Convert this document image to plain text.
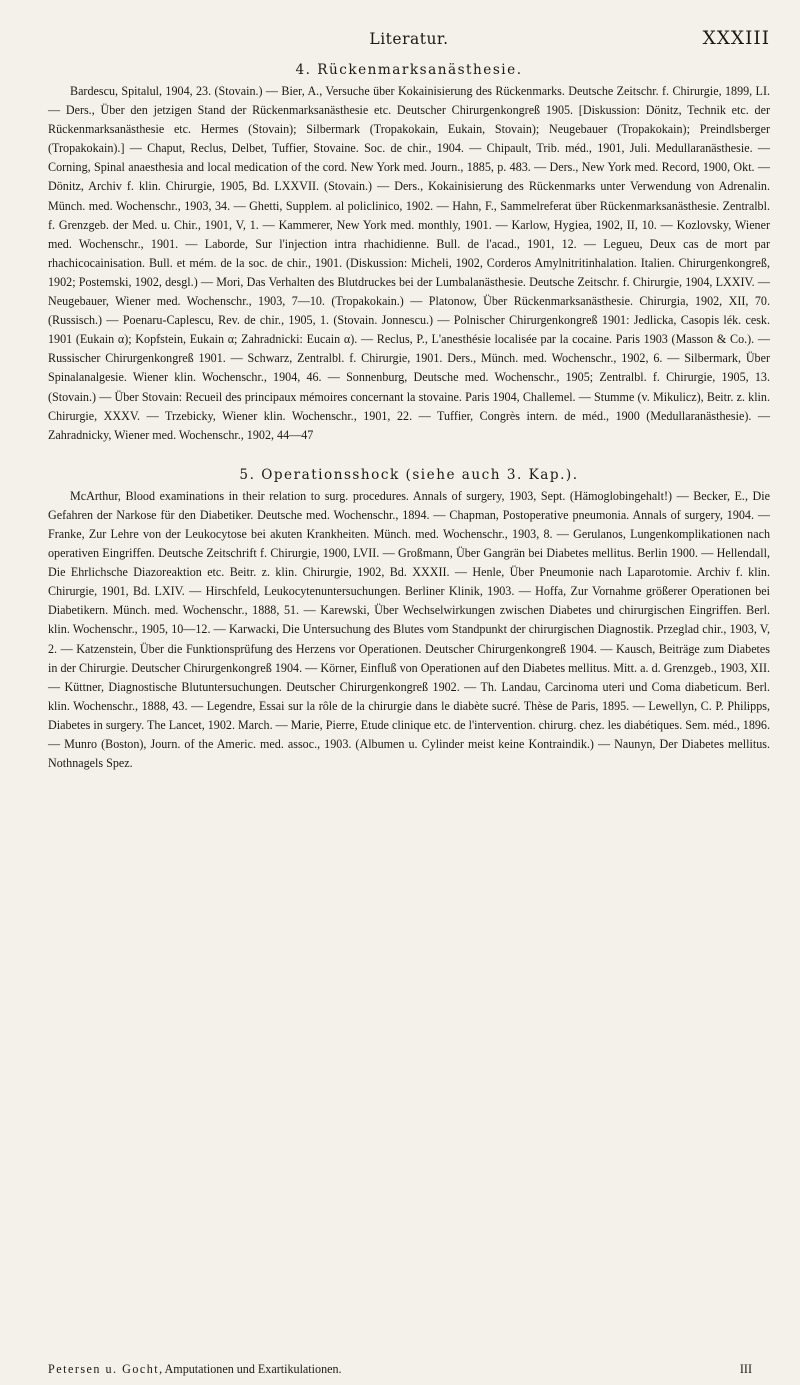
Literatur.	XXXIII
4. Rückenmarksanästhesie.

Bardescu, Spitalul, 1904, 23. (Stovain.) — Bier, A., Versuche über Kokainisierung des Rückenmarks. Deutsche Zeitschr. f. Chirurgie, 1899, LI. — Ders., Über den jetzigen Stand der Rückenmarksanästhesie etc. Deutscher Chirurgenkongreß 1905. [Diskussion: Dönitz, Technik etc. der Rückenmarksanästhesie etc. Hermes (Stovain); Silbermark (Tropakokain, Eukain, Stovain); Neugebauer (Tropakokain); Preindlsberger (Tropakokain).] — Chaput, Reclus, Delbet, Tuffier, Stovaine. Soc. de chir., 1904. — Chipault, Trib. méd., 1901, Juli. Medullaranästhesie. — Corning, Spinal anaesthesia and local medication of the cord. New York med. Journ., 1885, p. 483. — Ders., New York med. Record, 1900, Okt. — Dönitz, Archiv f. klin. Chirurgie, 1905, Bd. LXXVII. (Stovain.) — Ders., Kokainisierung des Rückenmarks unter Verwendung von Adrenalin. Münch. med. Wochenschr., 1903, 34. — Ghetti, Supplem. al policlinico, 1902. — Hahn, F., Sammelreferat über Rückenmarksanästhesie. Zentralbl. f. Grenzgeb. der Med. u. Chir., 1901, V, 1. — Kammerer, New York med. monthly, 1901. — Karlow, Hygiea, 1902, II, 10. — Kozlovsky, Wiener med. Wochenschr., 1901. — Laborde, Sur l'injection intra rhachidienne. Bull. de l'acad., 1901, 12. — Legueu, Deux cas de mort par rhachicocainisation. Bull. et mém. de la soc. de chir., 1901. (Diskussion: Micheli, 1902, Corderos Amylnitritinhalation. Italien. Chirurgenkongreß, 1902; Postemski, 1902, desgl.) — Mori, Das Verhalten des Blutdruckes bei der Lumbalanästhesie. Deutsche Zeitschr. f. Chirurgie, 1904, LXXIV. — Neugebauer, Wiener med. Wochenschr., 1903, 7—10. (Tropakokain.) — Platonow, Über Rückenmarksanästhesie. Chirurgia, 1902, XII, 70. (Russisch.) — Poenaru-Caplescu, Rev. de chir., 1905, 1. (Stovain. Jonnescu.) — Polnischer Chirurgenkongreß 1901: Jedlicka, Casopis lék. cesk. 1901 (Eukain α); Kopfstein, Eukain α; Zahradnicki: Eucain α). — Reclus, P., L'anesthésie localisée par la cocaine. Paris 1903 (Masson & Co.). — Russischer Chirurgenkongreß 1901. — Schwarz, Zentralbl. f. Chirurgie, 1901. Ders., Münch. med. Wochenschr., 1902, 6. — Silbermark, Über Spinalanalgesie. Wiener klin. Wochenschr., 1904, 46. — Sonnenburg, Deutsche med. Wochenschr., 1905; Zentralbl. f. Chirurgie, 1905, 13. (Stovain.) — Über Stovain: Recueil des principaux mémoires concernant la stovaine. Paris 1904, Challemel. — Stumme (v. Mikulicz), Beitr. z. klin. Chirurgie, XXXV. — Trzebicky, Wiener klin. Wochenschr., 1901, 22. — Tuffier, Congrès intern. de méd., 1900 (Medullaranästhesie). — Zahradnicky, Wiener med. Wochenschr., 1902, 44—47

5. Operationsshock (siehe auch 3. Kap.).

McArthur, Blood examinations in their relation to surg. procedures. Annals of surgery, 1903, Sept. (Hämoglobingehalt!) — Becker, E., Die Gefahren der Narkose für den Diabetiker. Deutsche med. Wochenschr., 1894. — Chapman, Postoperative pneumonia. Annals of surgery, 1904. — Franke, Zur Lehre von der Leukocytose bei akuten Krankheiten. Münch. med. Wochenschr., 1903, 8. — Gerulanos, Lungenkomplikationen nach operativen Eingriffen. Deutsche Zeitschrift f. Chirurgie, 1900, LVII. — Großmann, Über Gangrän bei Diabetes mellitus. Berlin 1900. — Hellendall, Die Ehrlichsche Diazoreaktion etc. Beitr. z. klin. Chirurgie, 1902, Bd. XXXII. — Henle, Über Pneumonie nach Laparotomie. Archiv f. klin. Chirurgie, 1901, Bd. LXIV. — Hirschfeld, Leukocytenuntersuchungen. Berliner Klinik, 1903. — Hoffa, Zur Vornahme größerer Operationen bei Diabetikern. Münch. med. Wochenschr., 1888, 51. — Karewski, Über Wechselwirkungen zwischen Diabetes und chirurgischen Eingriffen. Berl. klin. Wochenschr., 1905, 10—12. — Karwacki, Die Untersuchung des Blutes vom Standpunkt der chirurgischen Diagnostik. Przeglad chir., 1903, V, 2. — Katzenstein, Über die Funktionsprüfung des Herzens vor Operationen. Deutscher Chirurgenkongreß 1904. — Kausch, Beiträge zum Diabetes in der Chirurgie. Deutscher Chirurgenkongreß 1904. — Körner, Einfluß von Operationen auf den Diabetes mellitus. Mitt. a. d. Grenzgeb., 1903, XII. — Küttner, Diagnostische Blutuntersuchungen. Deutscher Chirurgenkongreß 1902. — Th. Landau, Carcinoma uteri und Coma diabeticum. Berl. klin. Wochenschr., 1888, 43. — Legendre, Essai sur la rôle de la chirurgie dans le diabète sucré. Thèse de Paris, 1895. — Lewellyn, C. P. Philipps, Diabetes in surgery. The Lancet, 1902. March. — Marie, Pierre, Etude clinique etc. de l'intervention. chirurg. chez. les diabétiques. Sem. méd., 1896. — Munro (Boston), Journ. of the Americ. med. assoc., 1903. (Albumen u. Cylinder meist keine Kontraindik.) — Naunyn, Der Diabetes mellitus. Nothnagels Spez.

Petersen u. Gocht, Amputationen und Exartikulationen.	III
